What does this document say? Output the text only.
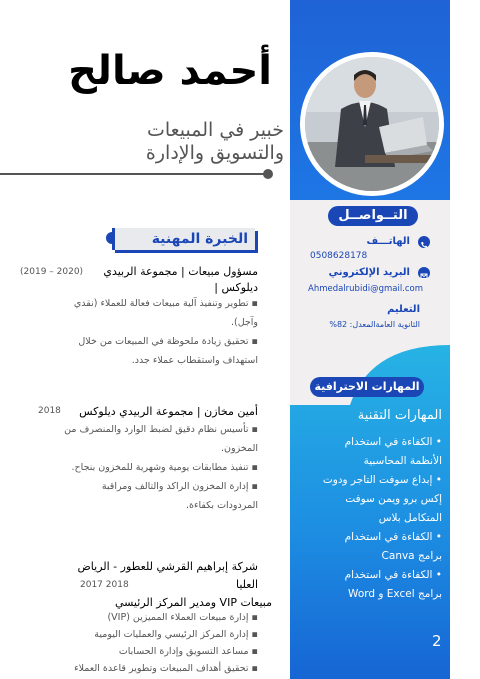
التــواصــل
الهاتـــف
0508628178
البريد الإلكتروني
Ahmedalrubidi@gmail.com
التعليم
الثانوية العامةالمعدل: 82%
المهارات الاحترافية
المهارات التقنية
• الكفاءة في استخدام
الأنظمة المحاسبية
• إبداع سوفت التاجر ودوت
إكس برو ويمن سوفت
المتكامل بلاس
• الكفاءة في استخدام
برامج Canva
• الكفاءة في استخدام
برامج Excel و Word
2
أحمد صالح
خبير في المبيعات
والتسويق والإدارة
الخبرة المهنية
مسؤول مبيعات | مجموعة الربيدي
(2019 – 2020)
ديلوكس |
▪ تطوير وتنفيذ آلية مبيعات فعالة للعملاء (نقدي
وآجل).
▪ تحقيق زيادة ملحوظة في المبيعات من خلال
استهداف واستقطاب عملاء جدد.
أمين مخازن | مجموعة الربيدي ديلوكس
2018
▪ تأسيس نظام دقيق لضبط الوارد والمنصرف من
المخزون.
▪ تنفيذ مطابقات يومية وشهرية للمخزون بنجاح.
▪ إدارة المخزون الراكد والتالف ومراقبة
المردودات بكفاءة.
شركة إبراهيم القرشي للعطور - الرياض
العليا
2017 2018
مبيعات VIP ومدير المركز الرئيسي
▪ إدارة مبيعات العملاء المميزين (VIP)
▪ إدارة المركز الرئيسي والعمليات اليومية
▪ مساعد التسويق وإدارة الحسابات
▪ تحقيق أهداف المبيعات وتطوير قاعدة العملاء
